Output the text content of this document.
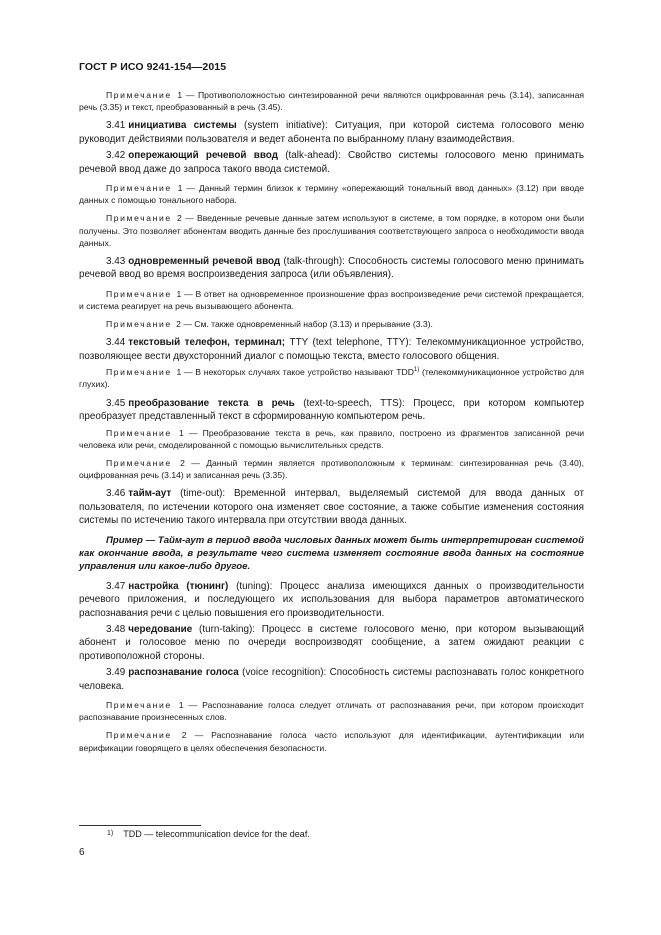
ГОСТ Р ИСО 9241-154—2015

Примечание 1 — Противоположностью синтезированной речи являются оцифрованная речь (3.14), записанная речь (3.35) и текст, преобразованный в речь (3.45).

3.41 инициатива системы (system initiative): Ситуация, при которой система голосового меню руководит действиями пользователя и ведет абонента по выбранному плану взаимодействия.

3.42 опережающий речевой ввод (talk-ahead): Свойство системы голосового меню принимать речевой ввод даже до запроса такого ввода системой.

Примечание 1 — Данный термин близок к термину «опережающий тональный ввод данных» (3.12) при вводе данных с помощью тонального набора.

Примечание 2 — Введенные речевые данные затем используют в системе, в том порядке, в котором они были получены. Это позволяет абонентам вводить данные без прослушивания соответствующего запроса о необходимости ввода данных.

3.43 одновременный речевой ввод (talk-through): Способность системы голосового меню принимать речевой ввод во время воспроизведения запроса (или объявления).

Примечание 1 — В ответ на одновременное произношение фраз воспроизведение речи системой прекращается, и система реагирует на речь вызывающего абонента.

Примечание 2 — См. также одновременный набор (3.13) и прерывание (3.3).

3.44 текстовый телефон, терминал; TTY (text telephone, TTY): Телекоммуникационное устройство, позволяющее вести двухсторонний диалог с помощью текста, вместо голосового общения.

Примечание 1 — В некоторых случаях такое устройство называют TDD$^{1)}$ (телекоммуникационное устройство для глухих).

3.45 преобразование текста в речь (text-to-speech, TTS): Процесс, при котором компьютер преобразует представленный текст в сформированную компьютером речь.

Примечание 1 — Преобразование текста в речь, как правило, построено из фрагментов записанной речи человека или речи, смоделированной с помощью вычислительных средств.

Примечание 2 — Данный термин является противоположным к терминам: синтезированная речь (3.40), оцифрованная речь (3.14) и записанная речь (3.35).

3.46 тайм-аут (time-out): Временной интервал, выделяемый системой для ввода данных от пользователя, по истечении которого она изменяет свое состояние, а также событие изменения состояния системы по истечению такого интервала при отсутствии ввода данных.

Пример — Тайм-аут в период ввода числовых данных может быть интерпретирован системой как окончание ввода, в результате чего система изменяет состояние ввода данных на состояние управления или какое-либо другое.

3.47 настройка (тюнинг) (tuning): Процесс анализа имеющихся данных о производительности речевого приложения, и последующего их использования для выбора параметров автоматического распознавания речи с целью повышения его производительности.

3.48 чередование (turn-taking): Процесс в системе голосового меню, при котором вызывающий абонент и голосовое меню по очереди воспроизводят сообщение, а затем ожидают реакции с противоположной стороны.

3.49 распознавание голоса (voice recognition): Способность системы распознавать голос конкретного человека.

Примечание 1 — Распознавание голоса следует отличать от распознавания речи, при котором происходит распознавание произнесенных слов.

Примечание 2 — Распознавание голоса часто используют для идентификации, аутентификации или верификации говорящего в целях обеспечения безопасности.

$^{1)}$ TDD — telecommunication device for the deaf.
6
